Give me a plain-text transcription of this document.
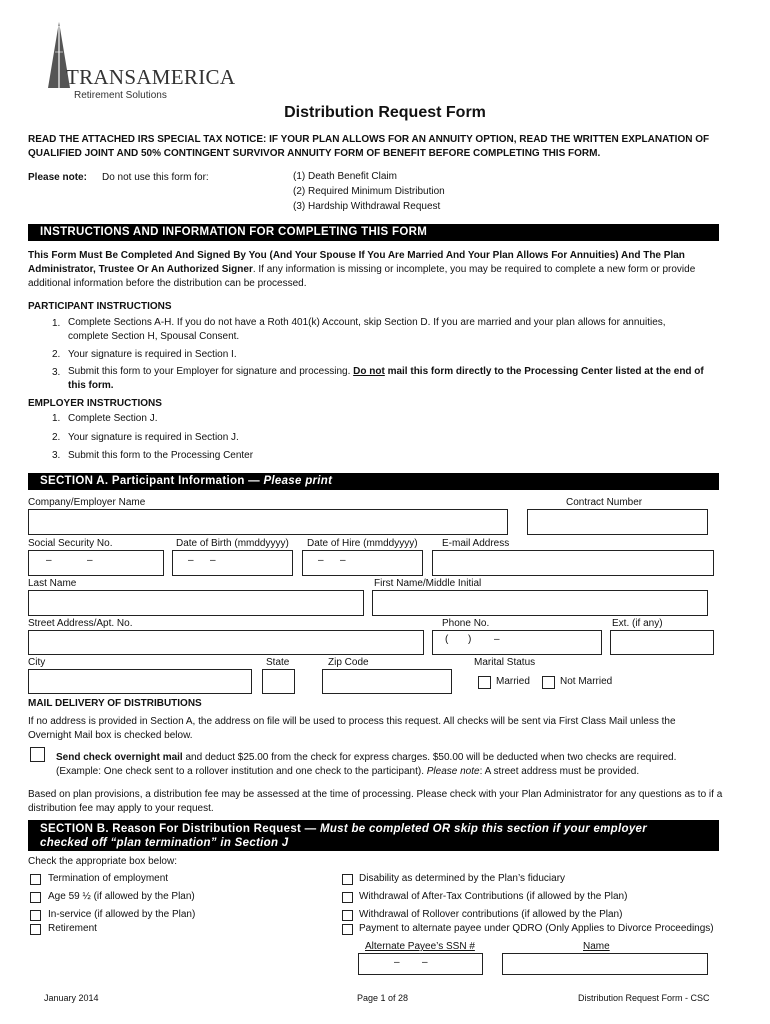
TRANSAMERICA
Retirement Solutions
Distribution Request Form
READ THE ATTACHED IRS SPECIAL TAX NOTICE: IF YOUR PLAN ALLOWS FOR AN ANNUITY OPTION, READ THE WRITTEN EXPLANATION OF QUALIFIED JOINT AND 50% CONTINGENT SURVIVOR ANNUITY FORM OF BENEFIT BEFORE COMPLETING THIS FORM.
Please note: Do not use this form for:	(1) Death Benefit Claim
(2) Required Minimum Distribution
(3) Hardship Withdrawal Request
INSTRUCTIONS AND INFORMATION FOR COMPLETING THIS FORM
This Form Must Be Completed And Signed By You (And Your Spouse If You Are Married And Your Plan Allows For Annuities) And The Plan Administrator, Trustee Or An Authorized Signer. If any information is missing or incomplete, you may be required to complete a new form or provide additional information before the distribution can be processed.
PARTICIPANT INSTRUCTIONS
1. Complete Sections A-H. If you do not have a Roth 401(k) Account, skip Section D. If you are married and your plan allows for annuities, complete Section H, Spousal Consent.
2. Your signature is required in Section I.
3. Submit this form to your Employer for signature and processing. Do not mail this form directly to the Processing Center listed at the end of this form.
EMPLOYER INSTRUCTIONS
1. Complete Section J.
2. Your signature is required in Section J.
3. Submit this form to the Processing Center
SECTION A. Participant Information — Please print
Company/Employer Name	Contract Number
Social Security No.	Date of Birth (mmddyyyy) Date of Hire (mmddyyyy) E-mail Address
–	–	– –	– –
Last Name	First Name/Middle Initial
Street Address/Apt. No.	Phone No.	Ext. (if any)
( ) –
City	State	Zip Code	Marital Status
Married	Not Married
MAIL DELIVERY OF DISTRIBUTIONS
If no address is provided in Section A, the address on file will be used to process this request. All checks will be sent via First Class Mail unless the Overnight Mail box is checked below.
Send check overnight mail and deduct $25.00 from the check for express charges. $50.00 will be deducted when two checks are required. (Example: One check sent to a rollover institution and one check to the participant). Please note: A street address must be provided.
Based on plan provisions, a distribution fee may be assessed at the time of processing. Please check with your Plan Administrator for any questions as to if a distribution fee may apply to your request.
SECTION B. Reason For Distribution Request — Must be completed OR skip this section if your employer
checked off “plan termination” in Section J
Check the appropriate box below:
Termination of employment
Age 59 ½ (if allowed by the Plan)
In-service (if allowed by the Plan)
Retirement
Disability as determined by the Plan’s fiduciary
Withdrawal of After-Tax Contributions (if allowed by the Plan)
Withdrawal of Rollover contributions (if allowed by the Plan)
Payment to alternate payee under QDRO (Only Applies to Divorce Proceedings)
Alternate Payee’s SSN #	Name
– –
January 2014	Page 1 of 28	Distribution Request Form - CSC
